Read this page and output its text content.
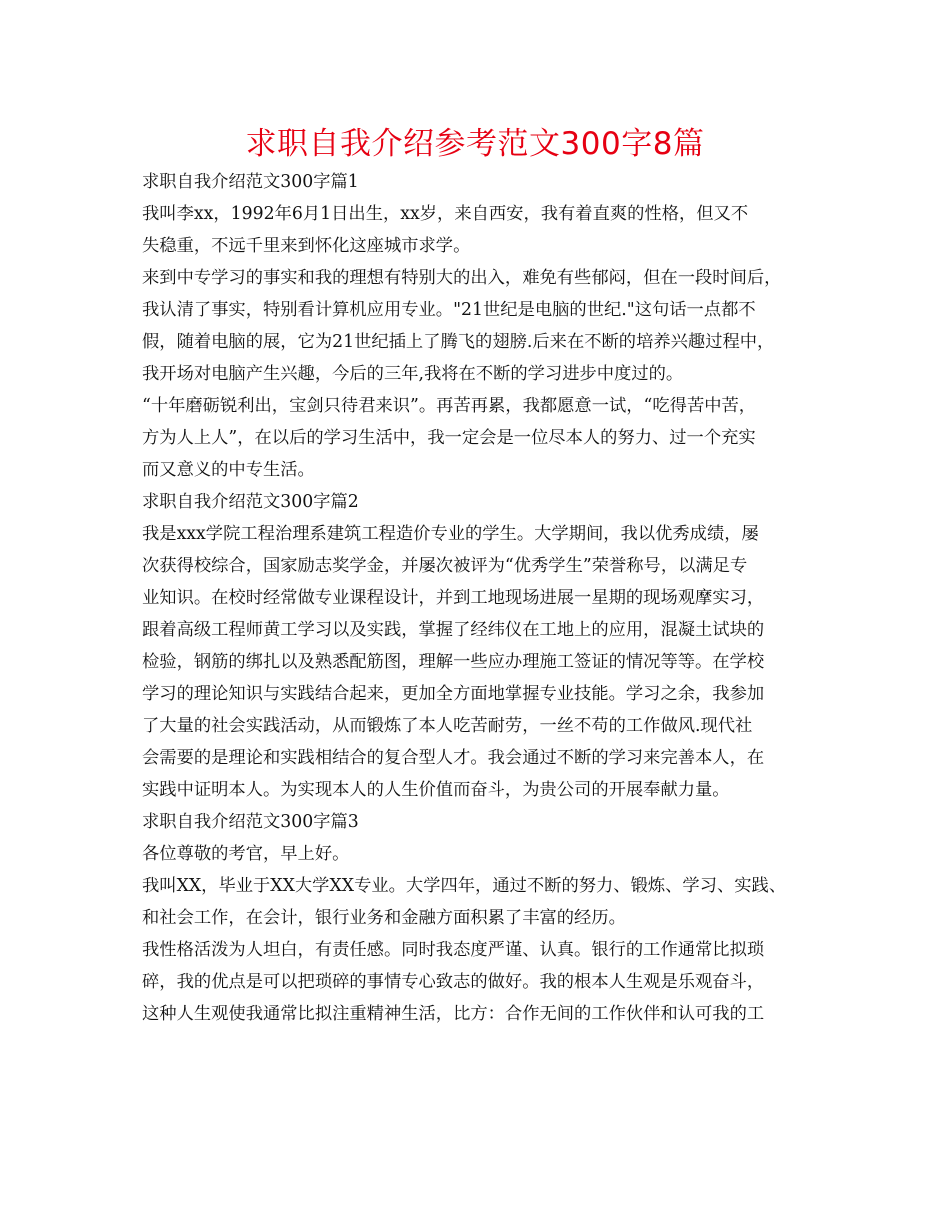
求职自我介绍参考范文300字8篇
求职自我介绍范文300字篇1
我叫李xx，1992年6月1日出生，xx岁，来自西安，我有着直爽的性格，但又不
失稳重，不远千里来到怀化这座城市求学。
来到中专学习的事实和我的理想有特别大的出入，难免有些郁闷，但在一段时间后，
我认清了事实，特别看计算机应用专业。"21世纪是电脑的世纪."这句话一点都不
假，随着电脑的展，它为21世纪插上了腾飞的翅膀.后来在不断的培养兴趣过程中，
我开场对电脑产生兴趣，今后的三年,我将在不断的学习进步中度过的。
“十年磨砺锐利出，宝剑只待君来识”。再苦再累，我都愿意一试，“吃得苦中苦，
方为人上人”，在以后的学习生活中，我一定会是一位尽本人的努力、过一个充实
而又意义的中专生活。
求职自我介绍范文300字篇2
我是xxx学院工程治理系建筑工程造价专业的学生。大学期间，我以优秀成绩，屡
次获得校综合，国家励志奖学金，并屡次被评为“优秀学生”荣誉称号，以满足专
业知识。在校时经常做专业课程设计，并到工地现场进展一星期的现场观摩实习，
跟着高级工程师黄工学习以及实践，掌握了经纬仪在工地上的应用，混凝土试块的
检验，钢筋的绑扎以及熟悉配筋图，理解一些应办理施工签证的情况等等。在学校
学习的理论知识与实践结合起来，更加全方面地掌握专业技能。学习之余，我参加
了大量的社会实践活动，从而锻炼了本人吃苦耐劳，一丝不苟的工作做风.现代社
会需要的是理论和实践相结合的复合型人才。我会通过不断的学习来完善本人，在
实践中证明本人。为实现本人的人生价值而奋斗，为贵公司的开展奉献力量。
求职自我介绍范文300字篇3
各位尊敬的考官，早上好。
我叫XX，毕业于XX大学XX专业。大学四年，通过不断的努力、锻炼、学习、实践、
和社会工作，在会计，银行业务和金融方面积累了丰富的经历。
我性格活泼为人坦白，有责任感。同时我态度严谨、认真。银行的工作通常比拟琐
碎，我的优点是可以把琐碎的事情专心致志的做好。我的根本人生观是乐观奋斗，
这种人生观使我通常比拟注重精神生活，比方：合作无间的工作伙伴和认可我的工
